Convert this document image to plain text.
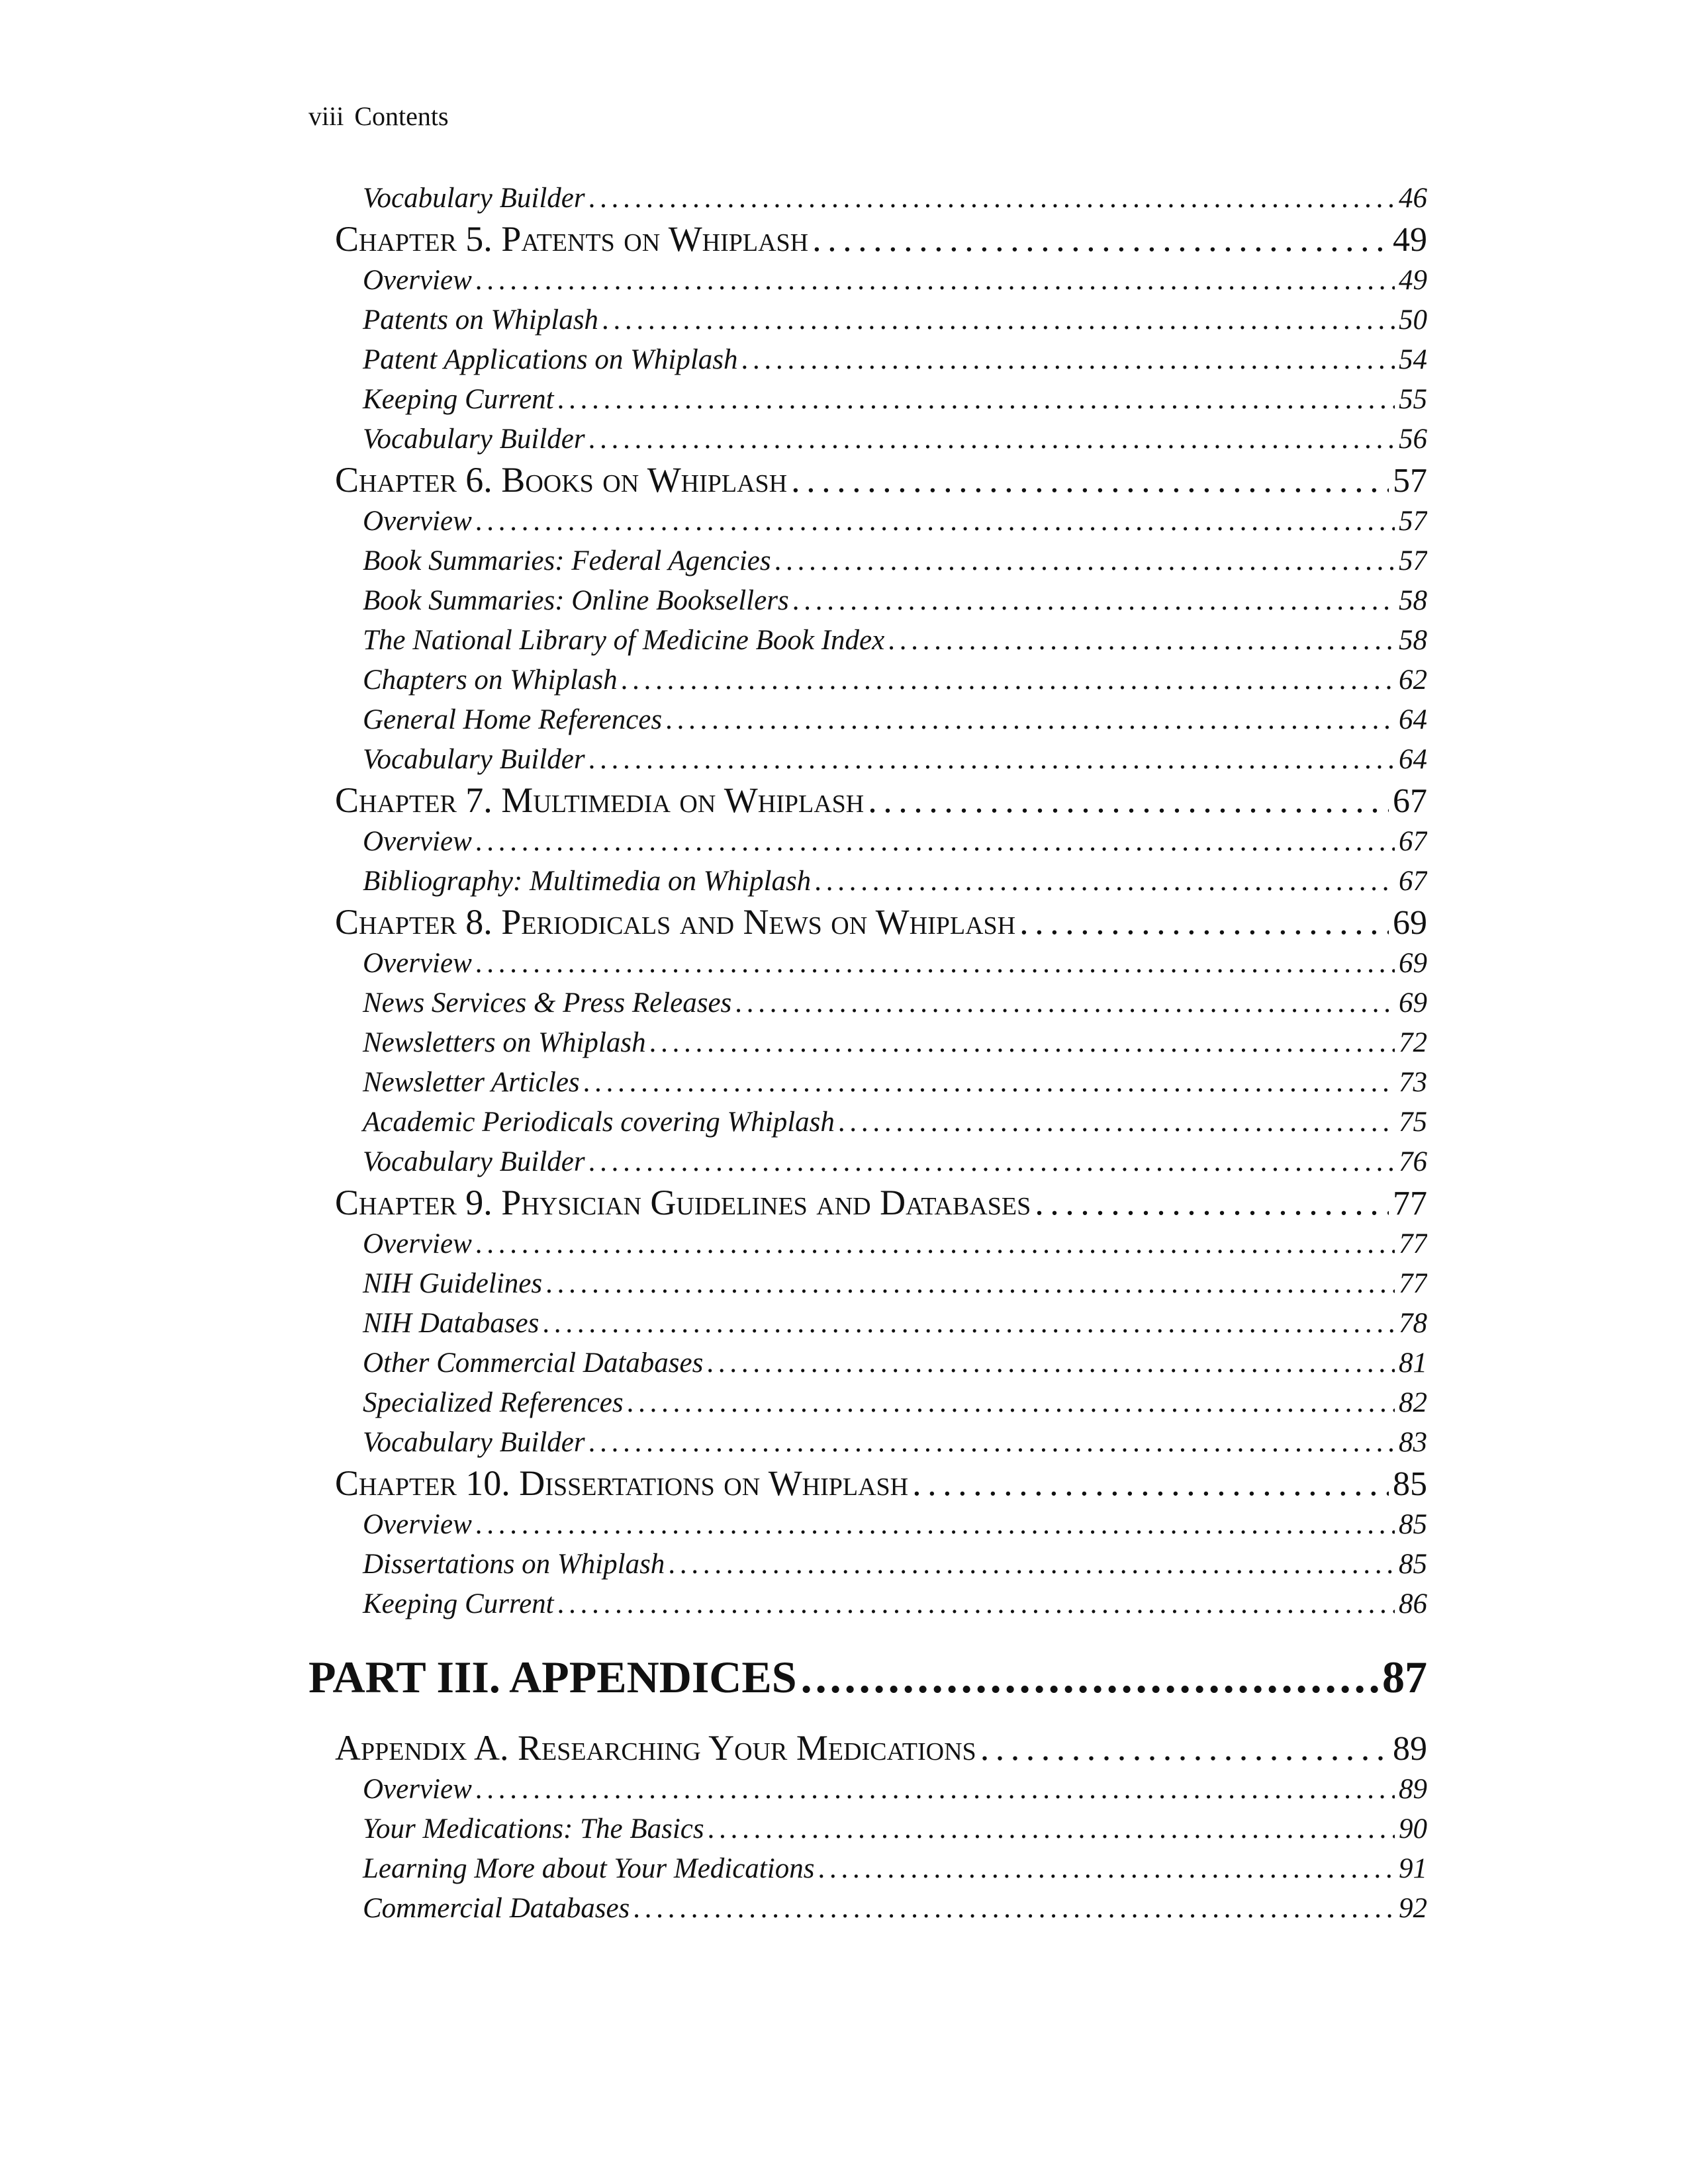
viii Contents
Vocabulary Builder . . .	46
Chapter 5. Patents on Whiplash . . .	49
Overview . . .	49
Patents on Whiplash . . .	50
Patent Applications on Whiplash . . .	54
Keeping Current . . .	55
Vocabulary Builder . . .	56
Chapter 6. Books on Whiplash . . .	57
Overview . . .	57
Book Summaries: Federal Agencies . . .	57
Book Summaries: Online Booksellers . . .	58
The National Library of Medicine Book Index . . .	58
Chapters on Whiplash . . .	62
General Home References . . .	64
Vocabulary Builder . . .	64
Chapter 7. Multimedia on Whiplash . . .	67
Overview . . .	67
Bibliography: Multimedia on Whiplash . . .	67
Chapter 8. Periodicals and News on Whiplash . . .	69
Overview . . .	69
News Services & Press Releases . . .	69
Newsletters on Whiplash . . .	72
Newsletter Articles . . .	73
Academic Periodicals covering Whiplash . . .	75
Vocabulary Builder . . .	76
Chapter 9. Physician Guidelines and Databases . . .	77
Overview . . .	77
NIH Guidelines . . .	77
NIH Databases . . .	78
Other Commercial Databases . . .	81
Specialized References . . .	82
Vocabulary Builder . . .	83
Chapter 10. Dissertations on Whiplash . . .	85
Overview . . .	85
Dissertations on Whiplash . . .	85
Keeping Current . . .	86
PART III. APPENDICES . . .	87
Appendix A. Researching Your Medications . . .	89
Overview . . .	89
Your Medications: The Basics . . .	90
Learning More about Your Medications . . .	91
Commercial Databases . . .	92
